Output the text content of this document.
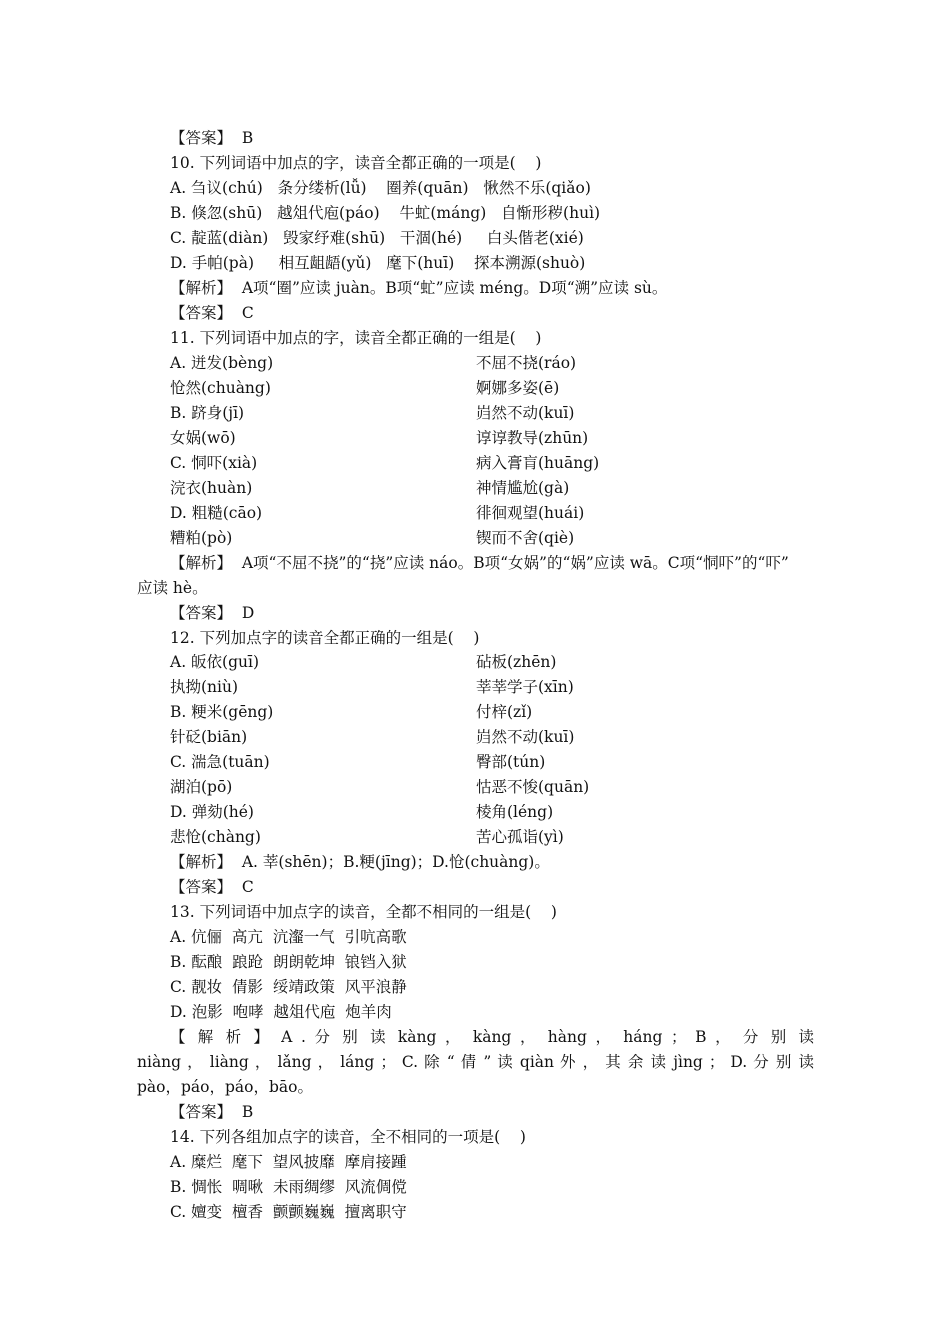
【答案】  B
10. 下列词语中加点的字，读音全都正确的一项是(    )
A. 刍议(chú)   条分缕析(lǚ)    圈养(quān)   愀然不乐(qiǎo)
B. 倏忽(shū)   越俎代庖(páo)    牛虻(máng)   自惭形秽(huì)
C. 靛蓝(diàn)   毁家纾难(shū)   干涸(hé)     白头偕老(xié)
D. 手帕(pà)     相互龃龉(yǔ)   麾下(huī)    探本溯源(shuò)
【解析】  A项“圈”应读 juàn。B项“虻”应读 méng。D项“溯”应读 sù。
【答案】  C
11. 下列词语中加点的字，读音全都正确的一组是(    )
A. 迸发(bèng)	不屈不挠(ráo)
怆然(chuàng)	婀娜多姿(ē)
B. 跻身(jī)	岿然不动(kuī)
女娲(wō)	谆谆教导(zhūn)
C. 恫吓(xià)	病入膏肓(huāng)
浣衣(huàn)	神情尴尬(gà)
D. 粗糙(cāo)	徘徊观望(huái)
糟粕(pò)	锲而不舍(qiè)
【解析】  A项“不屈不挠”的“挠”应读 náo。B项“女娲”的“娲”应读 wā。C项“恫吓”的“吓”
应读 hè。
【答案】  D
12. 下列加点字的读音全都正确的一组是(    )
A. 皈依(guī)	砧板(zhēn)
执拗(niù)	莘莘学子(xīn)
B. 粳米(gēng)	付梓(zǐ)
针砭(biān)	岿然不动(kuī)
C. 湍急(tuān)	臀部(tún)
湖泊(pō)	怙恶不悛(quān)
D. 弹劾(hé)	棱角(léng)
悲怆(chàng)	苦心孤诣(yì)
【解析】  A. 莘(shēn)；B.粳(jīng)；D.怆(chuàng)。
【答案】  C
13. 下列词语中加点字的读音，全都不相同的一组是(    )
A. 伉俪  高亢  沆瀣一气  引吭高歌
B. 酝酿  踉跄  朗朗乾坤  锒铛入狱
C. 靓妆  倩影  绥靖政策  风平浪静
D. 泡影  咆哮  越俎代庖  炮羊肉
【 解 析 】 A . 分 别 读 kàng ， kàng ， hàng ， háng ； B ， 分 别 读
niàng ， liàng ， lǎng ， láng ； C. 除 “ 倩 ” 读 qiàn 外 ， 其 余 读 jìng ； D. 分 别 读
pào，páo，páo，bāo。
【答案】  B
14. 下列各组加点字的读音，全不相同的一项是(    )
A. 糜烂  麾下  望风披靡  摩肩接踵
B. 惆怅  啁啾  未雨绸缪  风流倜傥
C. 嬗变  檀香  颤颤巍巍  擅离职守
